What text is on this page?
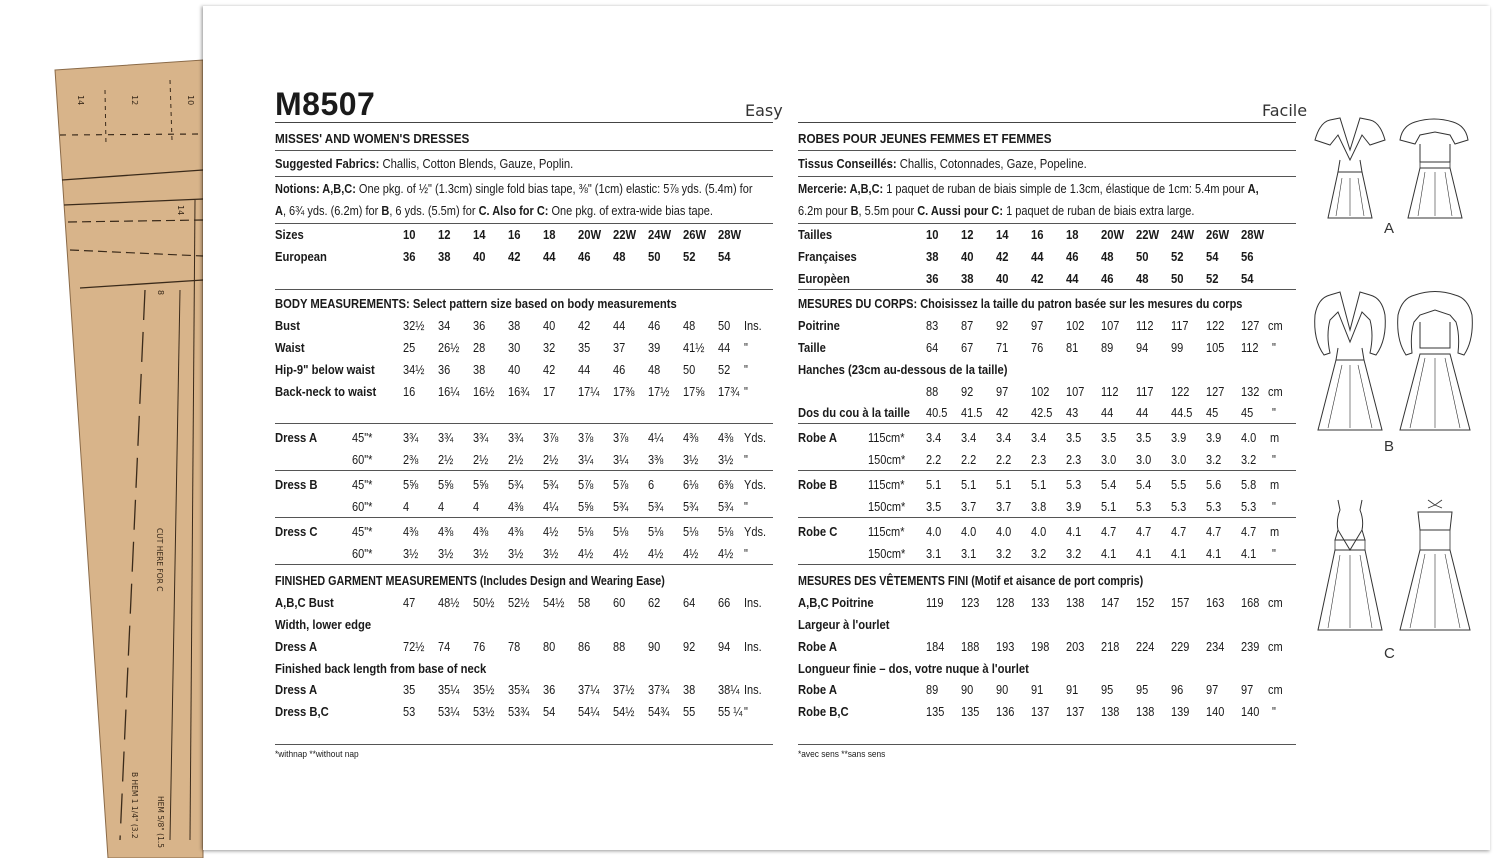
14	12	10
14
8
CUT HERE FOR C
B HEM 1 1/4" (3.2 HEM 5/8" (1.5
M8507	Easy
MISSES' AND WOMEN'S DRESSES
Suggested Fabrics: Challis, Cotton Blends, Gauze, Poplin.
Notions: A,B,C: One pkg. of ½" (1.3cm) single fold bias tape, ⅜" (1cm) elastic: 5⅞ yds. (5.4m) for
A, 6¾ yds. (6.2m) for B, 6 yds. (5.5m) for C. Also for C: One pkg. of extra-wide bias tape.
Sizes	10 12 14 16 18 20W 22W 24W 26W 28W
European	36 38 40 42 44 46 48 50 52 54
BODY MEASUREMENTS: Select pattern size based on body measurements
Bust	32½ 34 36 38 40 42 44 46 48 50 Ins.
Waist	25 26½ 28 30 32 35 37 39 41½ 44 "
Hip-9" below waist 34½ 36 38 40 42 44 46 48 50 52 "
Back-neck to waist 16 16¼ 16½ 16¾ 17 17¼ 17⅜ 17½ 17⅝ 17¾ "
Dress A	45"* 3¾ 3¾ 3¾ 3¾ 3⅞ 3⅞ 3⅞ 4¼ 4⅜ 4⅜ Yds.
60"* 2⅜ 2½ 2½ 2½ 2½ 3¼ 3¼ 3⅜ 3½ 3½ "
Dress B	45"* 5⅝ 5⅝ 5⅝ 5¾ 5¾ 5⅞ 5⅞ 6 6⅛ 6⅜ Yds.
60"* 4 4 4 4⅜ 4¼ 5⅝ 5¾ 5¾ 5¾ 5¾ "
Dress C	45"* 4⅜ 4⅜ 4⅜ 4⅜ 4½ 5⅛ 5⅛ 5⅛ 5⅛ 5⅛ Yds.
60"* 3½ 3½ 3½ 3½ 3½ 4½ 4½ 4½ 4½ 4½ "
FINISHED GARMENT MEASUREMENTS (Includes Design and Wearing Ease)
A,B,C Bust	47 48½ 50½ 52½ 54½ 58 60 62 64 66 Ins.
Width, lower edge
Dress A	72½ 74 76 78 80 86 88 90 92 94 Ins.
Finished back length from base of neck
Dress A	35 35¼ 35½ 35¾ 36 37¼ 37½ 37¾ 38 38¼ Ins.
Dress B,C	53 53¼ 53½ 53¾ 54 54¼ 54½ 54¾ 55 55 ¼ "
*withnap **without nap
Facile
ROBES POUR JEUNES FEMMES ET FEMMES
Tissus Conseillés: Challis, Cotonnades, Gaze, Popeline.
Mercerie: A,B,C: 1 paquet de ruban de biais simple de 1.3cm, élastique de 1cm: 5.4m pour A,
6.2m pour B, 5.5m pour C. Aussi pour C: 1 paquet de ruban de biais extra large.
Tailles	10 12 14 16 18 20W 22W 24W 26W 28W
Françaises	38 40 42 44 46 48 50 52 54 56
Europèen	36 38 40 42 44 46 48 50 52 54
MESURES DU CORPS: Choisissez la taille du patron basée sur les mesures du corps
Poitrine	83 87 92 97 102 107 112 117 122 127 cm
Taille	64 67 71 76 81 89 94 99 105 112 "
Hanches (23cm au-dessous de la taille)
88 92 97 102 107 112 117 122 127 132 cm
Dos du cou à la taille 40.5 41.5 42 42.5 43 44 44 44.5 45 45 "
Robe A 115cm* 3.4 3.4 3.4 3.4 3.5 3.5 3.5 3.9 3.9 4.0 m
150cm* 2.2 2.2 2.2 2.3 2.3 3.0 3.0 3.0 3.2 3.2 "
Robe B 115cm* 5.1 5.1 5.1 5.1 5.3 5.4 5.4 5.5 5.6 5.8 m
150cm* 3.5 3.7 3.7 3.8 3.9 5.1 5.3 5.3 5.3 5.3 "
Robe C 115cm* 4.0 4.0 4.0 4.0 4.1 4.7 4.7 4.7 4.7 4.7 m
150cm* 3.1 3.1 3.2 3.2 3.2 4.1 4.1 4.1 4.1 4.1 "
MESURES DES VÊTEMENTS FINI (Motif et aisance de port compris)
A,B,C Poitrine	119 123 128 133 138 147 152 157 163 168 cm
Largeur à l'ourlet
Robe A	184 188 193 198 203 218 224 229 234 239 cm
Longueur finie – dos, votre nuque à l'ourlet
Robe A	89 90 90 91 91 95 95 96 97 97 cm
Robe B,C	135 135 136 137 137 138 138 139 140 140 "
*avec sens **sans sens
A
B
C
